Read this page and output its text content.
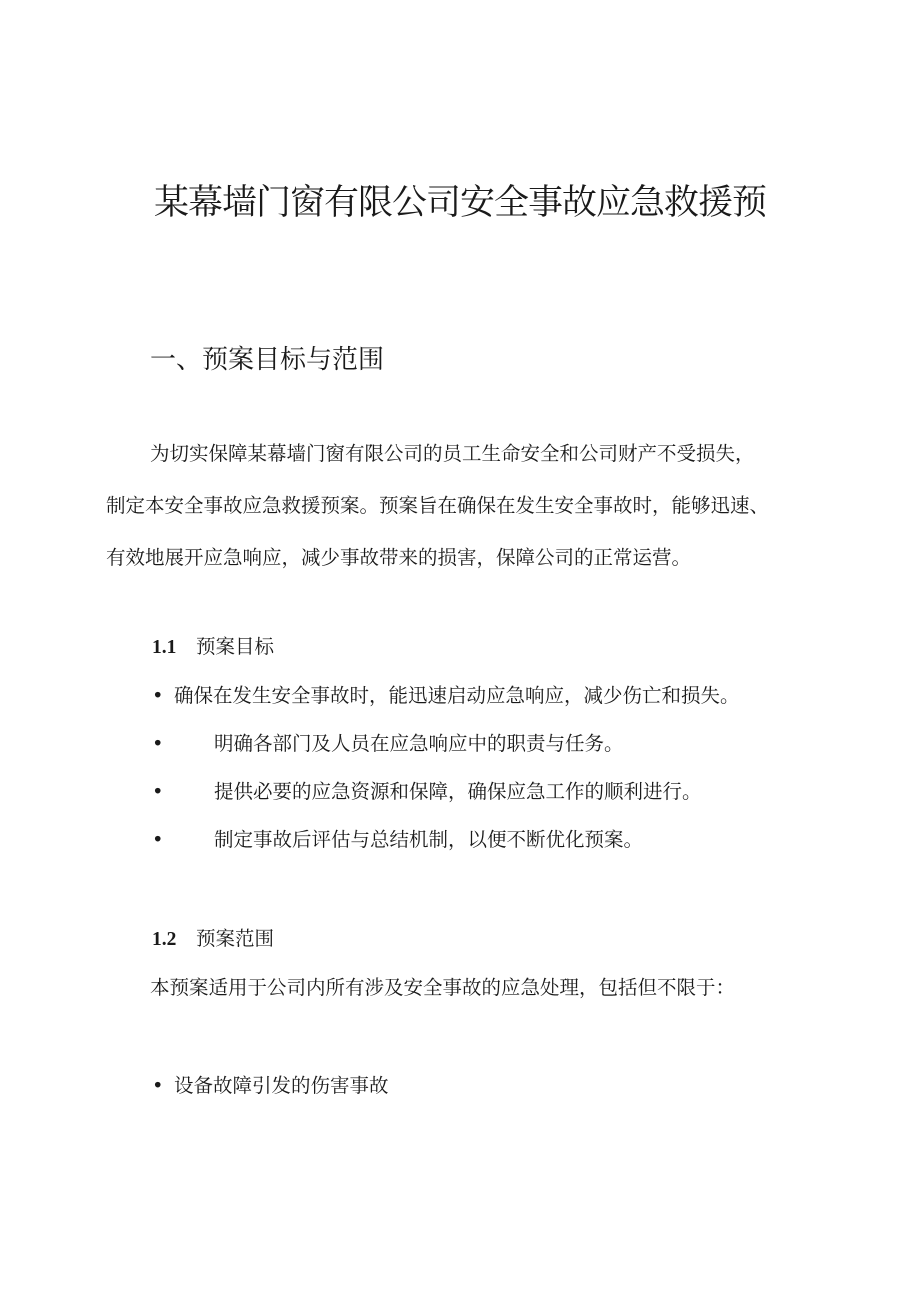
某幕墙门窗有限公司安全事故应急救援预
一、预案目标与范围

为切实保障某幕墙门窗有限公司的员工生命安全和公司财产不受损失，

制定本安全事故应急救援预案。预案旨在确保在发生安全事故时，能够迅速、

有效地展开应急响应，减少事故带来的损害，保障公司的正常运营。

1.1 预案目标
• 确保在发生安全事故时，能迅速启动应急响应，减少伤亡和损失。
•	明确各部门及人员在应急响应中的职责与任务。
•	提供必要的应急资源和保障，确保应急工作的顺利进行。
•	制定事故后评估与总结机制，以便不断优化预案。
1.2 预案范围
本预案适用于公司内所有涉及安全事故的应急处理，包括但不限于：
• 设备故障引发的伤害事故
